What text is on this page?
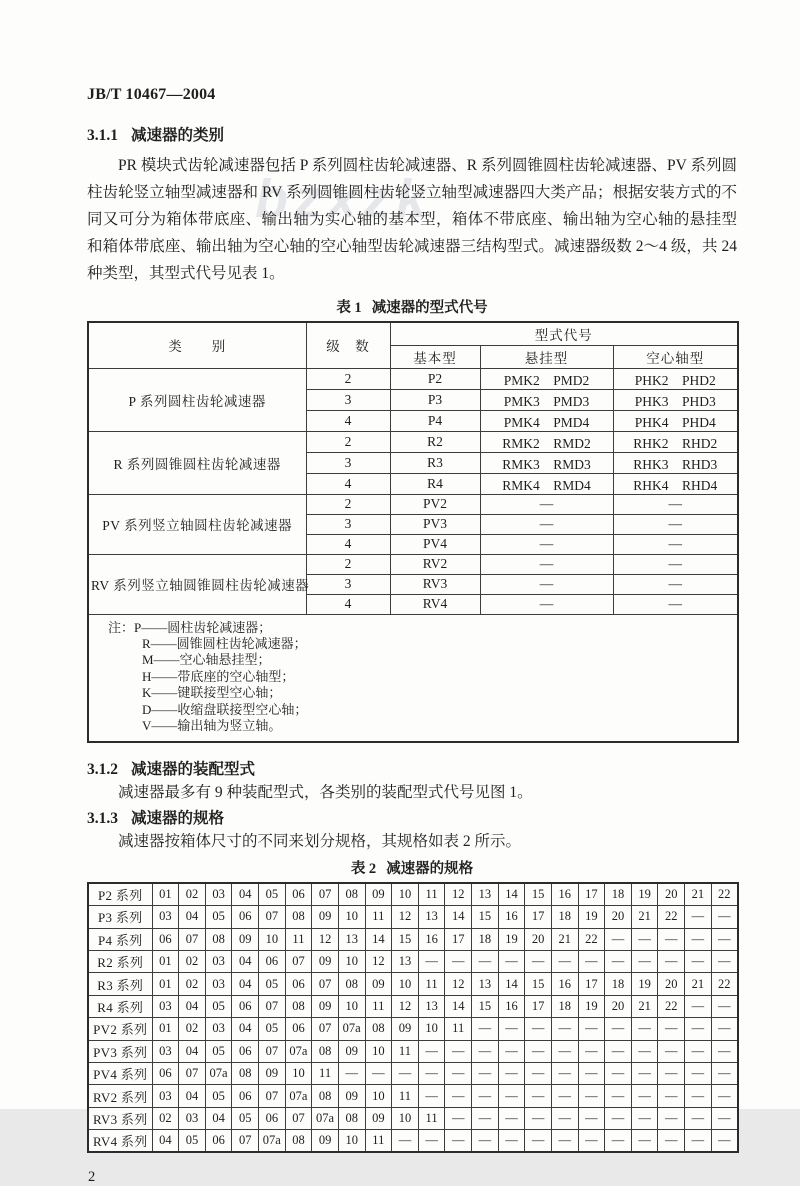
bzxzk
JB/T 10467—2004
3.1.1 减速器的类别
PR 模块式齿轮减速器包括 P 系列圆柱齿轮减速器、R 系列圆锥圆柱齿轮减速器、PV 系列圆柱齿轮竖立轴型减速器和 RV 系列圆锥圆柱齿轮竖立轴型减速器四大类产品；根据安装方式的不同又可分为箱体带底座、输出轴为实心轴的基本型，箱体不带底座、输出轴为空心轴的悬挂型和箱体带底座、输出轴为空心轴的空心轴型齿轮减速器三结构型式。减速器级数 2～4 级，共 24 种类型，其型式代号见表 1。
表 1 减速器的型式代号
类　　别	级　数	型式代号		
		基本型	悬挂型	空心轴型
P 系列圆柱齿轮减速器	2	P2	PMK2　PMD2	PHK2　PHD2
	3	P3	PMK3　PMD3	PHK3　PHD3
	4	P4	PMK4　PMD4	PHK4　PHD4
R 系列圆锥圆柱齿轮减速器	2	R2	RMK2　RMD2	RHK2　RHD2
	3	R3	RMK3　RMD3	RHK3　RHD3
	4	R4	RMK4　RMD4	RHK4　RHD4
PV 系列竖立轴圆柱齿轮减速器	2	PV2	—	—
	3	PV3	—	—
	4	PV4	—	—
RV 系列竖立轴圆锥圆柱齿轮减速器	2	RV2	—	—
	3	RV3	—	—
	4	RV4	—	—

注：P——圆柱齿轮减速器；
R——圆锥圆柱齿轮减速器；
M——空心轴悬挂型；
H——带底座的空心轴型；
K——键联接型空心轴；
D——收缩盘联接型空心轴；
V——输出轴为竖立轴。
3.1.2 减速器的装配型式
减速器最多有 9 种装配型式，各类别的装配型式代号见图 1。
3.1.3 减速器的规格
减速器按箱体尺寸的不同来划分规格，其规格如表 2 所示。
表 2 减速器的规格
P2 系列	01	02	03	04	05	06	07	08	09	10	11	12	13	14	15	16	17	18	19	20	21	22
P3 系列	03	04	05	06	07	08	09	10	11	12	13	14	15	16	17	18	19	20	21	22	—	—
P4 系列	06	07	08	09	10	11	12	13	14	15	16	17	18	19	20	21	22	—	—	—	—	—
R2 系列	01	02	03	04	06	07	09	10	12	13	—	—	—	—	—	—	—	—	—	—	—	—
R3 系列	01	02	03	04	05	06	07	08	09	10	11	12	13	14	15	16	17	18	19	20	21	22
R4 系列	03	04	05	06	07	08	09	10	11	12	13	14	15	16	17	18	19	20	21	22	—	—
PV2 系列	01	02	03	04	05	06	07	07a	08	09	10	11	—	—	—	—	—	—	—	—	—	—
PV3 系列	03	04	05	06	07	07a	08	09	10	11	—	—	—	—	—	—	—	—	—	—	—	—
PV4 系列	06	07	07a	08	09	10	11	—	—	—	—	—	—	—	—	—	—	—	—	—	—	—
RV2 系列	03	04	05	06	07	07a	08	09	10	11	—	—	—	—	—	—	—	—	—	—	—	—
RV3 系列	02	03	04	05	06	07	07a	08	09	10	11	—	—	—	—	—	—	—	—	—	—	—
RV4 系列	04	05	06	07	07a	08	09	10	11	—	—	—	—	—	—	—	—	—	—	—	—	—
2
